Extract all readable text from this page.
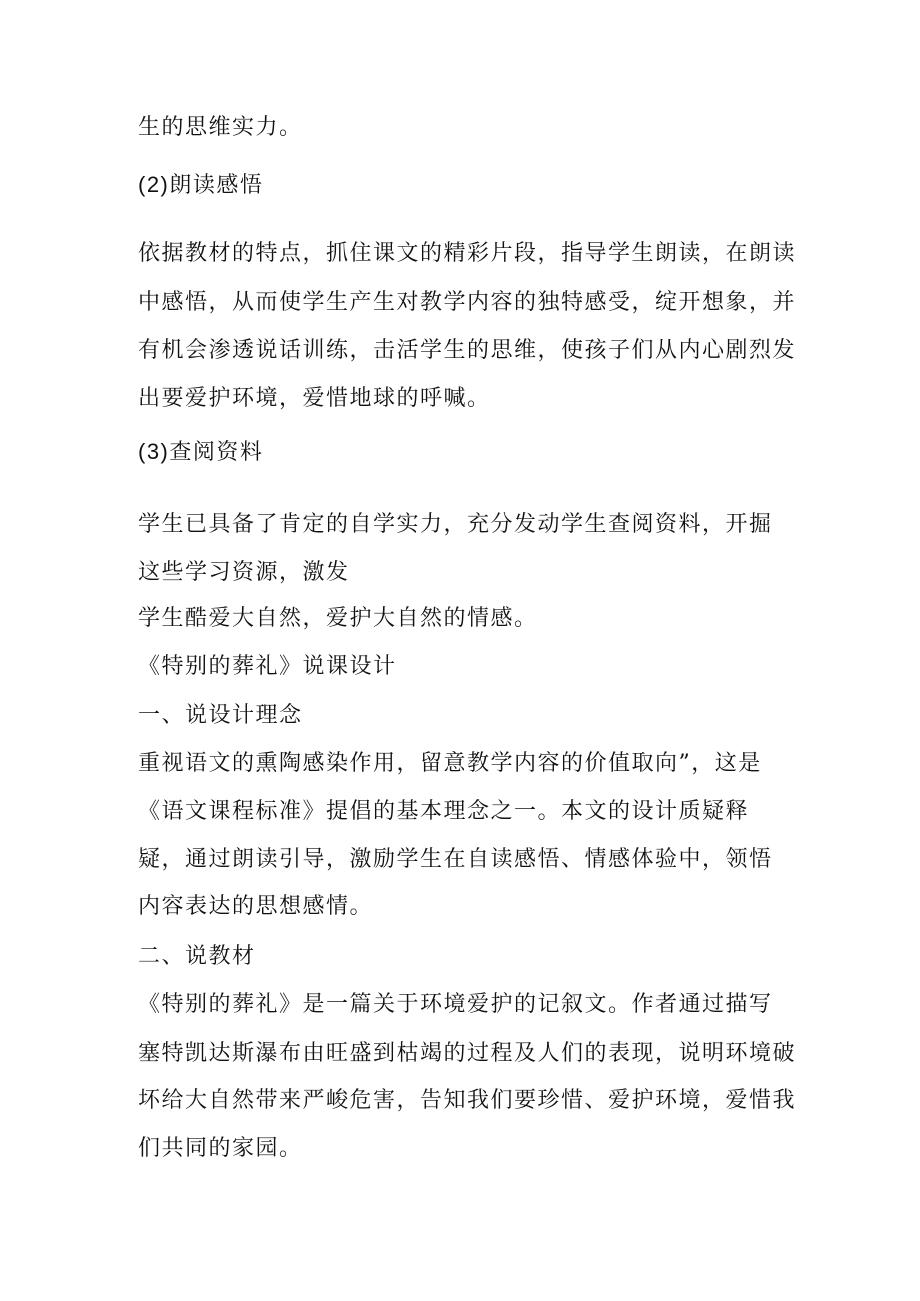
生的思维实力。
(2)朗读感悟
依据教材的特点，抓住课文的精彩片段，指导学生朗读，在朗读
中感悟，从而使学生产生对教学内容的独特感受，绽开想象，并
有机会渗透说话训练，击活学生的思维，使孩子们从内心剧烈发
出要爱护环境，爱惜地球的呼喊。
(3)查阅资料
学生已具备了肯定的自学实力，充分发动学生查阅资料，开掘
这些学习资源，激发
学生酷爱大自然，爱护大自然的情感。
《特别的葬礼》说课设计
一、说设计理念
重视语文的熏陶感染作用，留意教学内容的价值取向”，这是
《语文课程标准》提倡的基本理念之一。本文的设计质疑释
疑，通过朗读引导，激励学生在自读感悟、情感体验中，领悟
内容表达的思想感情。
二、说教材
《特别的葬礼》是一篇关于环境爱护的记叙文。作者通过描写
塞特凯达斯瀑布由旺盛到枯竭的过程及人们的表现，说明环境破
坏给大自然带来严峻危害，告知我们要珍惜、爱护环境，爱惜我
们共同的家园。
